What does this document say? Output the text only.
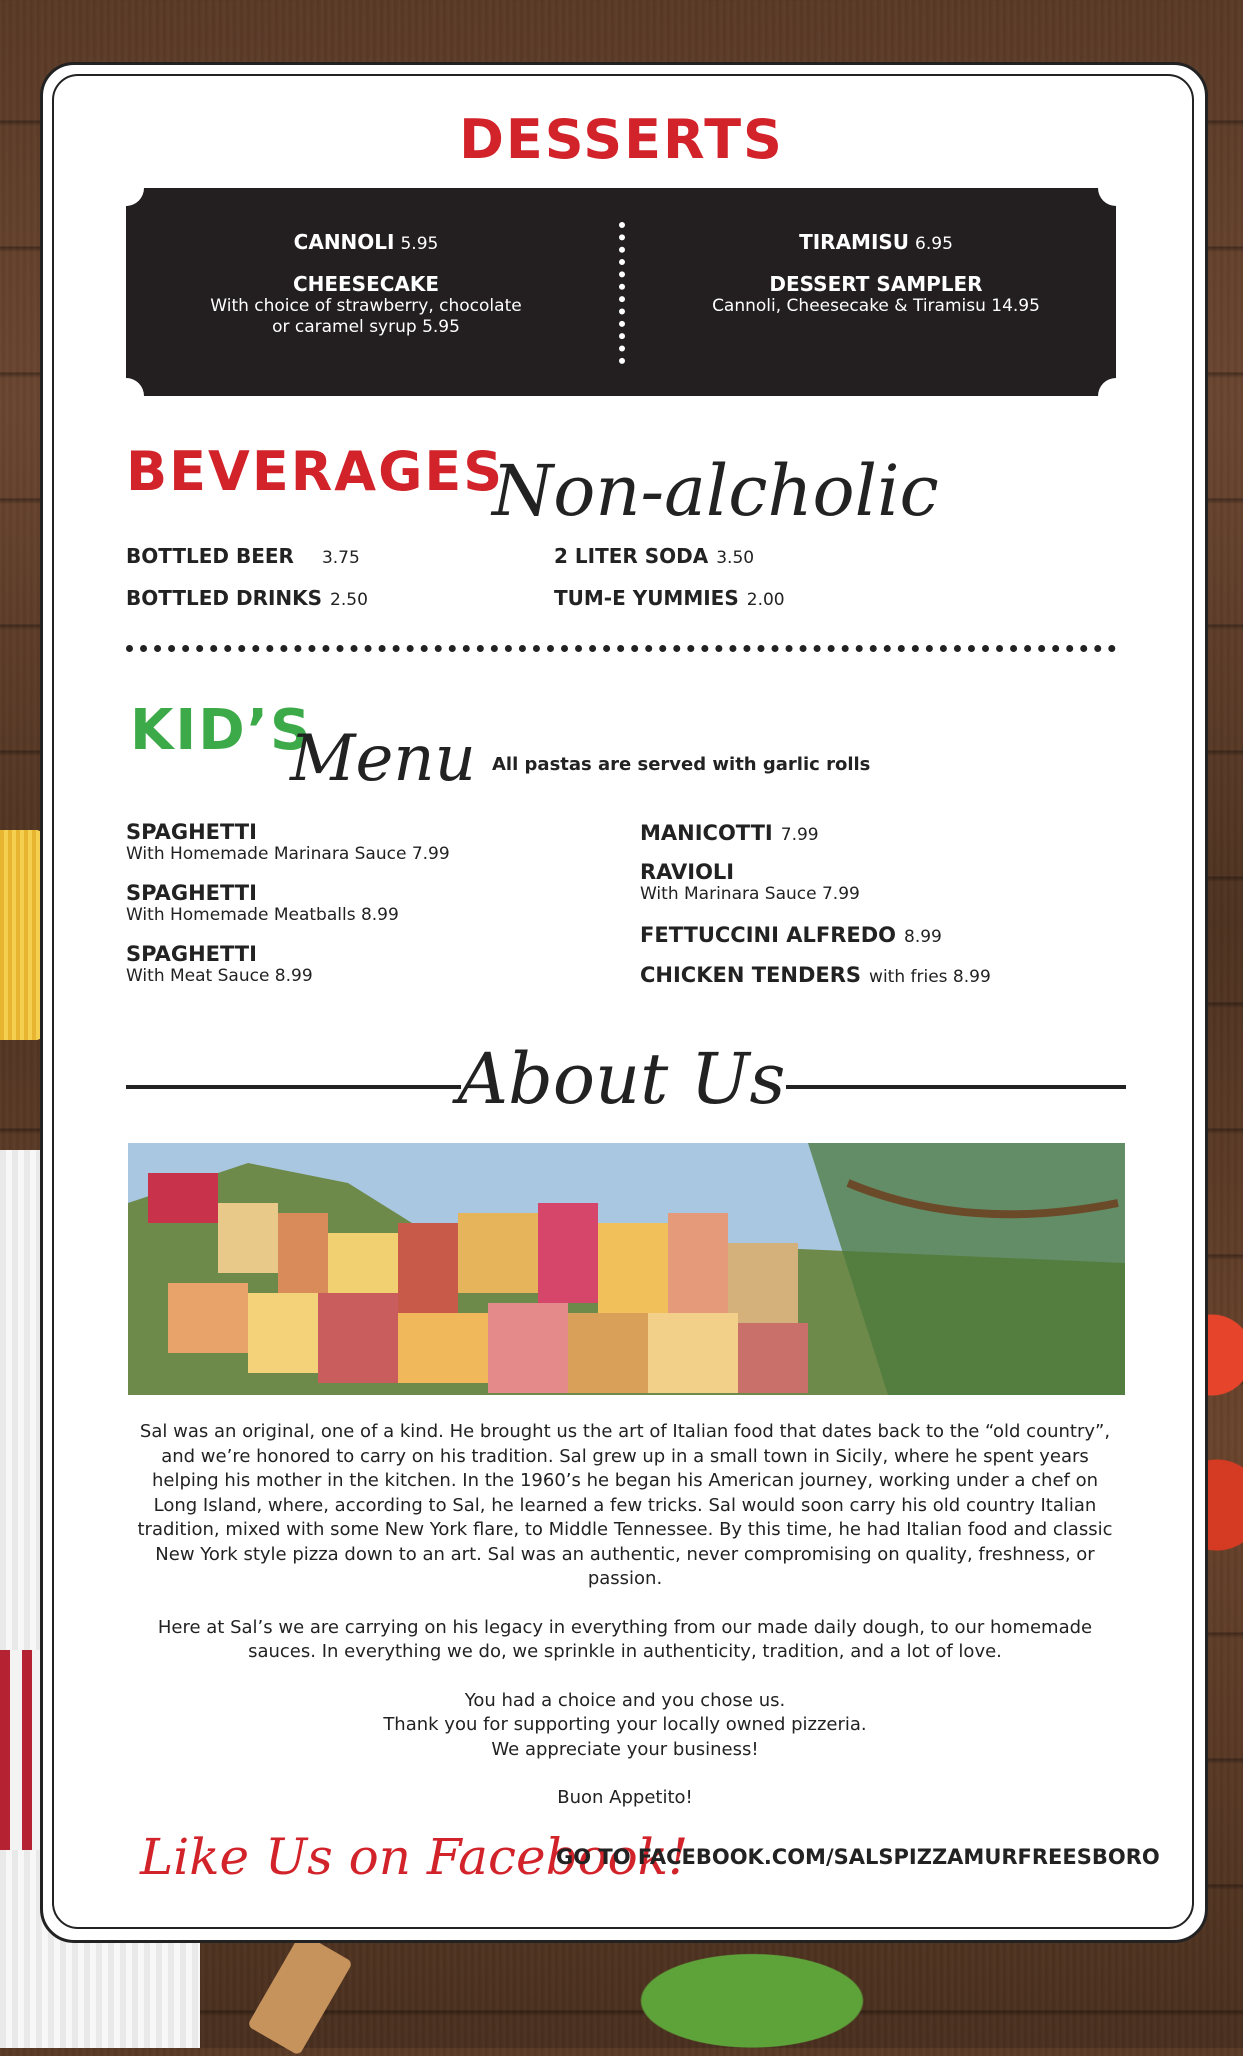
DESSERTS
CANNOLI 5.95
CHEESECAKE
With choice of strawberry, chocolate or caramel syrup 5.95
TIRAMISU 6.95
DESSERT SAMPLER
Cannoli, Cheesecake & Tiramisu 14.95
BEVERAGES
Non-alcholic
BOTTLED BEER 3.75
BOTTLED DRINKS 2.50
2 LITER SODA 3.50
TUM-E YUMMIES 2.00
KID’S
Menu All pastas are served with garlic rolls
SPAGHETTI
With Homemade Marinara Sauce 7.99
SPAGHETTI
With Homemade Meatballs 8.99
SPAGHETTI
With Meat Sauce 8.99
MANICOTTI 7.99
RAVIOLI
With Marinara Sauce 7.99
FETTUCCINI ALFREDO 8.99
CHICKEN TENDERS with fries 8.99
About Us

Sal was an original, one of a kind. He brought us the art of Italian food that dates back to the “old country”, and we’re honored to carry on his tradition. Sal grew up in a small town in Sicily, where he spent years helping his mother in the kitchen. In the 1960’s he began his American journey, working under a chef on Long Island, where, according to Sal, he learned a few tricks. Sal would soon carry his old country Italian tradition, mixed with some New York flare, to Middle Tennessee. By this time, he had Italian food and classic New York style pizza down to an art. Sal was an authentic, never compromising on quality, freshness, or passion.

Here at Sal’s we are carrying on his legacy in everything from our made daily dough, to our homemade sauces. In everything we do, we sprinkle in authenticity, tradition, and a lot of love.

You had a choice and you chose us.
Thank you for supporting your locally owned pizzeria.
We appreciate your business!

Buon Appetito!

Like Us on Facebook!
GO TO FACEBOOK.COM/SALSPIZZAMURFREESBORO
